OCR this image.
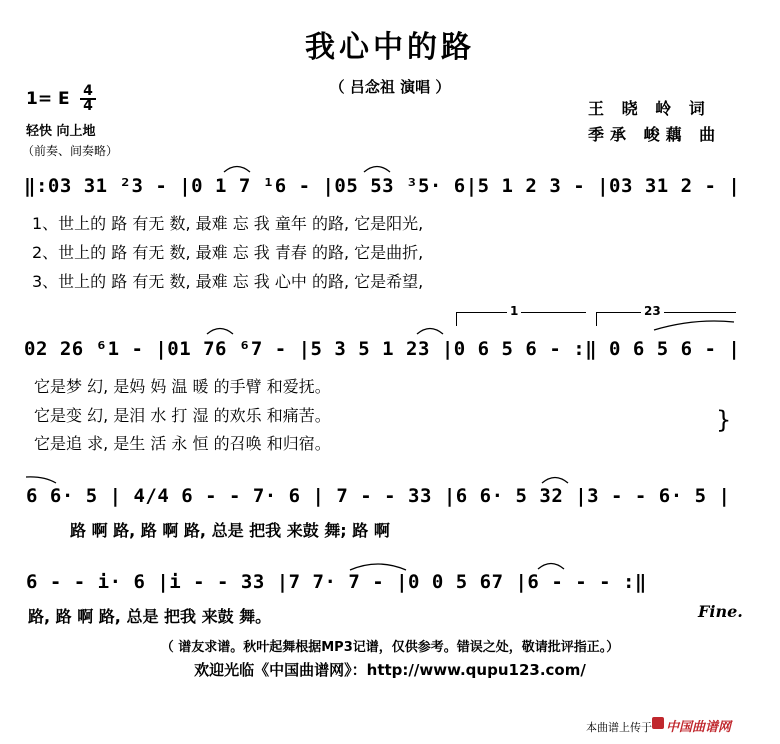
我心中的路
（ 吕念祖 演唱 ）
1= E 4
4
轻快 向上地
（前奏、间奏略）
王 晓 岭 词
季承 峻藕 曲
‖:03 31 ²3 - |0 1 7 ¹6 - |05 53 ³5· 6|5 1 2 3 - |03 31 2 - |
1、世上的 路 有无 数, 最难 忘 我 童年 的路, 它是阳光,
2、世上的 路 有无 数, 最难 忘 我 青春 的路, 它是曲折,
3、世上的 路 有无 数, 最难 忘 我 心中 的路, 它是希望,
1	23
02 26 ⁶1 - |01 76 ⁶7 - |5 3 5 1 23 |0 6 5 6 - :‖ 0 6 5 6 - |
它是梦 幻, 是妈 妈 温 暖 的手臂 和爱抚。
它是变 幻, 是泪 水 打 湿 的欢乐 和痛苦。
它是追 求, 是生 活 永 恒 的召唤 和归宿。
}
6 6· 5 | 4/4 6 - - 7· 6 | 7 - - 33 |6 6· 5 32 |3 - - 6· 5 |
路 啊 路, 路 啊 路, 总是 把我 来鼓 舞; 路 啊
6 - - i· 6 |i - - 33 |7 7· 7 - |0 0 5 67 |6 - - - :‖
路, 路 啊 路, 总是 把我 来鼓 舞。	Fine.
（ 谱友求谱。秋叶起舞根据MP3记谱，仅供参考。错误之处，敬请批评指正。）
欢迎光临《中国曲谱网》：http://www.qupu123.com/
本曲谱上传于 中国曲谱网
